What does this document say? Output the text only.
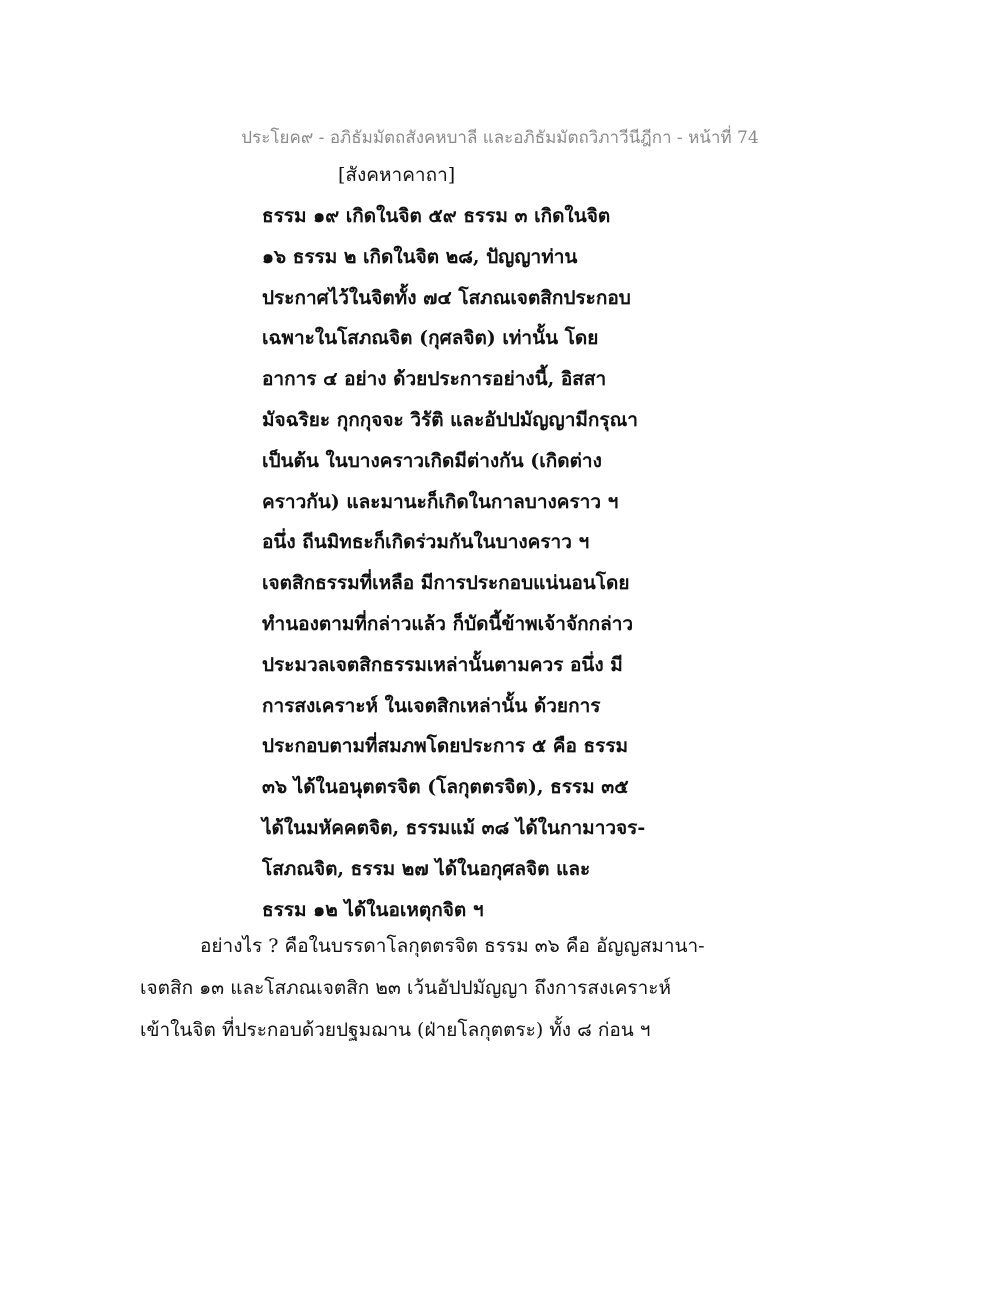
ประโยค๙ - อภิธัมมัตถสังคหบาลี และอภิธัมมัตถวิภาวีนีฎีกา - หน้าที่ 74
[สังคหาคาถา]
ธรรม ๑๙ เกิดในจิต ๕๙ ธรรม ๓ เกิดในจิต
๑๖ ธรรม ๒ เกิดในจิต ๒๘, ปัญญาท่าน
ประกาศไว้ในจิตทั้ง ๗๔ โสภณเจตสิกประกอบ
เฉพาะในโสภณจิต (กุศลจิต) เท่านั้น โดย
อาการ ๔ อย่าง ด้วยประการอย่างนี้, อิสสา
มัจฉริยะ กุกกุจจะ วิรัติ และอัปปมัญญามีกรุณา
เป็นต้น ในบางคราวเกิดมีต่างกัน (เกิดต่าง
คราวกัน) และมานะก็เกิดในกาลบางคราว ฯ
อนึ่ง ถีนมิทธะก็เกิดร่วมกันในบางคราว ฯ
เจตสิกธรรมที่เหลือ มีการประกอบแน่นอนโดย
ทำนองตามที่กล่าวแล้ว ก็บัดนี้ข้าพเจ้าจักกล่าว
ประมวลเจตสิกธรรมเหล่านั้นตามควร อนึ่ง มี
การสงเคราะห์ ในเจตสิกเหล่านั้น ด้วยการ
ประกอบตามที่สมภพโดยประการ ๕ คือ ธรรม
๓๖ ได้ในอนุตตรจิต (โลกุตตรจิต), ธรรม ๓๕
ได้ในมหัคคตจิต, ธรรมแม้ ๓๘ ได้ในกามาวจร-
โสภณจิต, ธรรม ๒๗ ได้ในอกุศลจิต และ
ธรรม ๑๒ ได้ในอเหตุกจิต ฯ
อย่างไร ? คือในบรรดาโลกุตตรจิต ธรรม ๓๖ คือ อัญญสมานา-
เจตสิก ๑๓ และโสภณเจตสิก ๒๓ เว้นอัปปมัญญา ถึงการสงเคราะห์
เข้าในจิต ที่ประกอบด้วยปฐมฌาน (ฝ่ายโลกุตตระ) ทั้ง ๘ ก่อน ฯ
